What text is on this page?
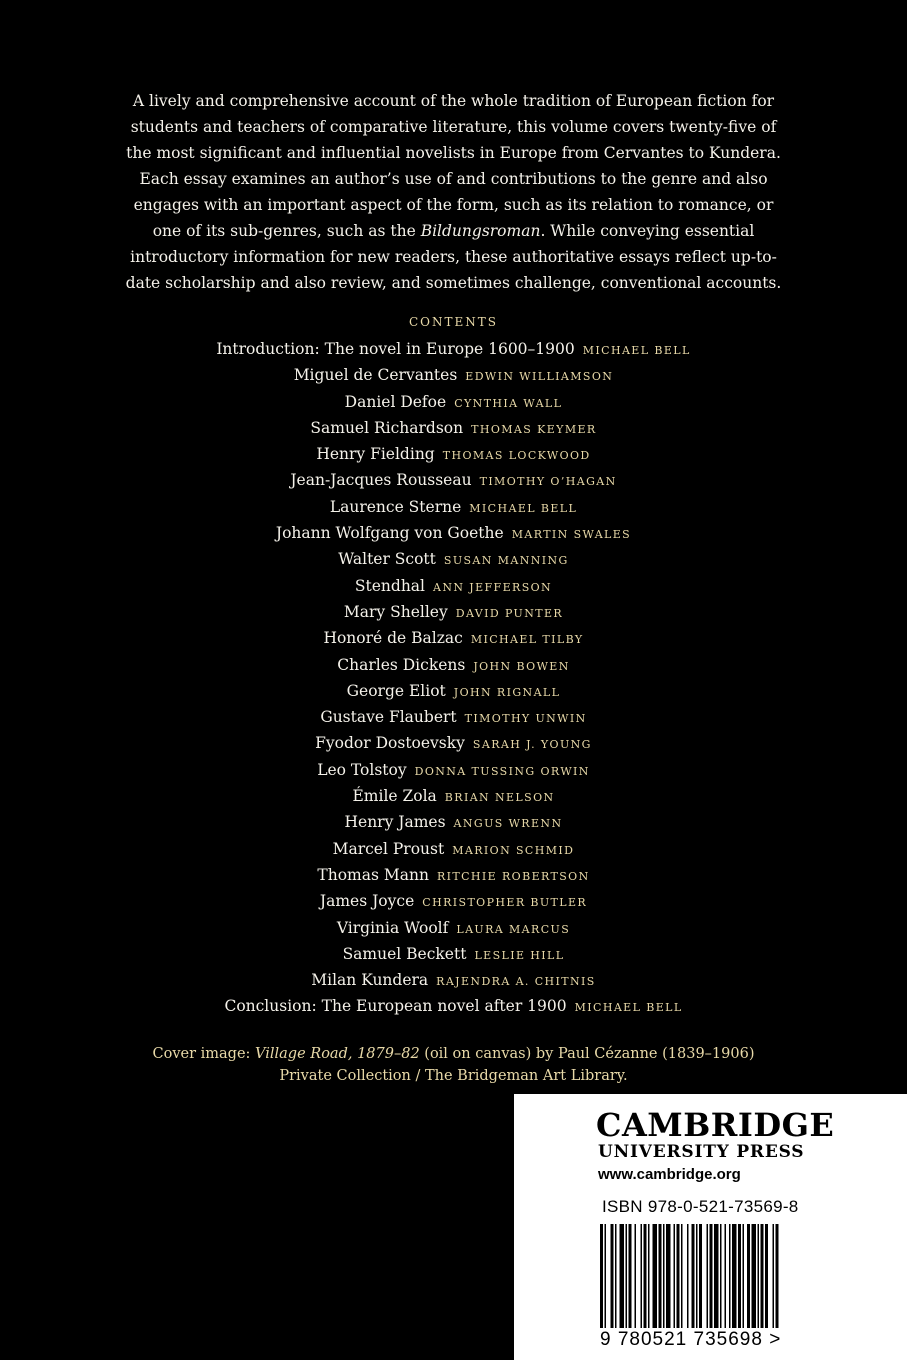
A lively and comprehensive account of the whole tradition of European fiction for students and teachers of comparative literature, this volume covers twenty-five of the most significant and influential novelists in Europe from Cervantes to Kundera. Each essay examines an author’s use of and contributions to the genre and also engages with an important aspect of the form, such as its relation to romance, or one of its sub-genres, such as the Bildungsroman. While conveying essential introductory information for new readers, these authoritative essays reflect up-to-date scholarship and also review, and sometimes challenge, conventional accounts.
CONTENTS
Introduction: The novel in Europe 1600–1900 MICHAEL BELL
Miguel de Cervantes EDWIN WILLIAMSON
Daniel Defoe CYNTHIA WALL
Samuel Richardson THOMAS KEYMER
Henry Fielding THOMAS LOCKWOOD
Jean-Jacques Rousseau TIMOTHY O’HAGAN
Laurence Sterne MICHAEL BELL
Johann Wolfgang von Goethe MARTIN SWALES
Walter Scott SUSAN MANNING
Stendhal ANN JEFFERSON
Mary Shelley DAVID PUNTER
Honoré de Balzac MICHAEL TILBY
Charles Dickens JOHN BOWEN
George Eliot JOHN RIGNALL
Gustave Flaubert TIMOTHY UNWIN
Fyodor Dostoevsky SARAH J. YOUNG
Leo Tolstoy DONNA TUSSING ORWIN
Émile Zola BRIAN NELSON
Henry James ANGUS WRENN
Marcel Proust MARION SCHMID
Thomas Mann RITCHIE ROBERTSON
James Joyce CHRISTOPHER BUTLER
Virginia Woolf LAURA MARCUS
Samuel Beckett LESLIE HILL
Milan Kundera RAJENDRA A. CHITNIS
Conclusion: The European novel after 1900 MICHAEL BELL
Cover image: Village Road, 1879–82 (oil on canvas) by Paul Cézanne (1839–1906)
Private Collection / The Bridgeman Art Library.
CAMBRIDGE
UNIVERSITY PRESS
www.cambridge.org
ISBN 978-0-521-73569-8
9 780521 735698 >
